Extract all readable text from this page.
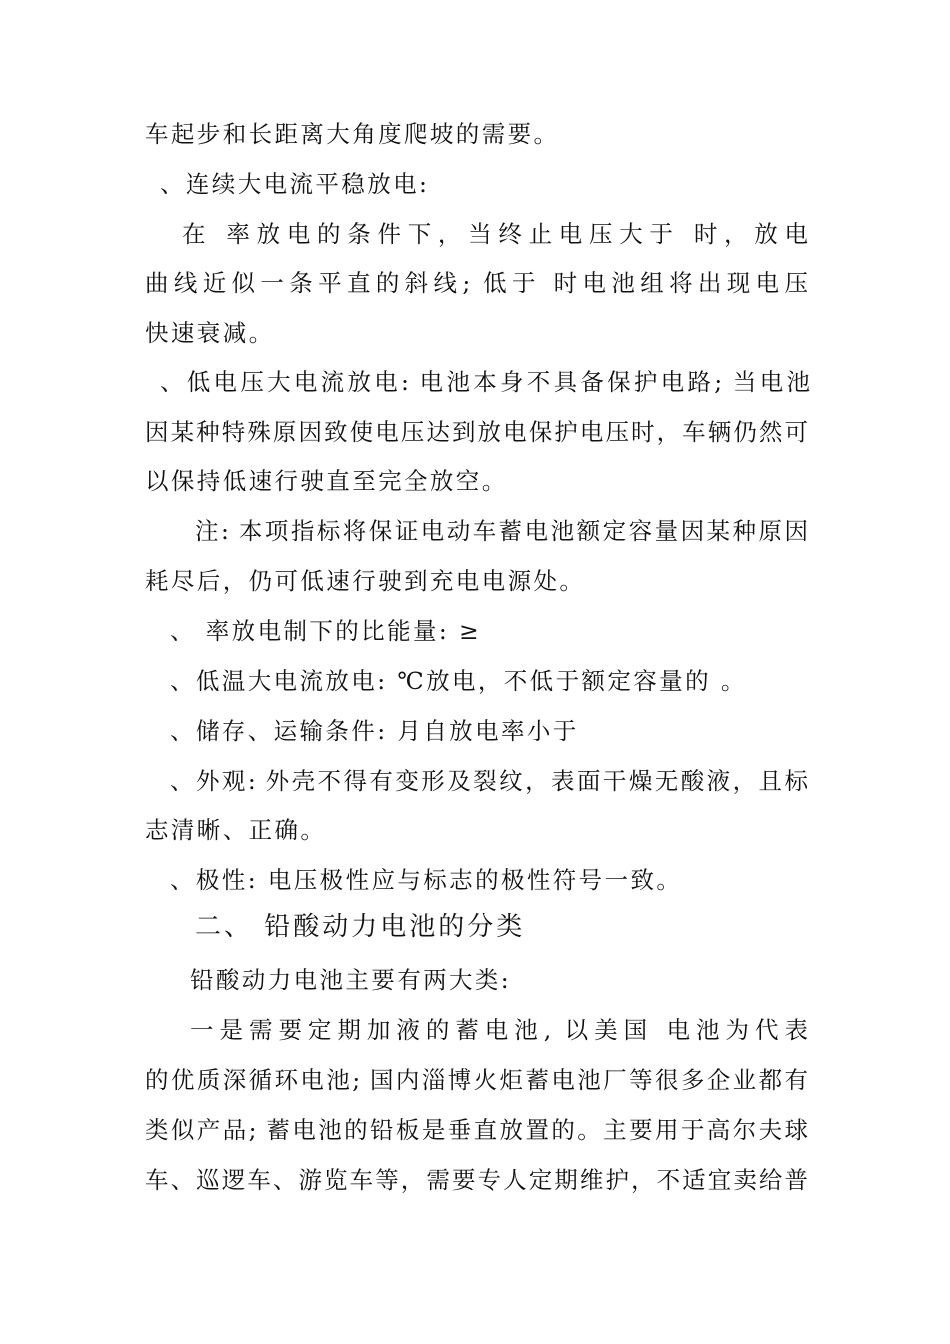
车起步和长距离大角度爬坡的需要。
、连续大电流平稳放电:
在 率放电的条件下，当终止电压大于 时，放电
曲线近似一条平直的斜线; 低于 时电池组将出现电压
快速衰减。
、低电压大电流放电: 电池本身不具备保护电路; 当电池
因某种特殊原因致使电压达到放电保护电压时，车辆仍然可
以保持低速行驶直至完全放空。
注: 本项指标将保证电动车蓄电池额定容量因某种原因
耗尽后，仍可低速行驶到充电电源处。
、 率放电制下的比能量: ≥
、低温大电流放电: ℃放电，不低于额定容量的 。
、储存、运输条件: 月自放电率小于
、外观: 外壳不得有变形及裂纹，表面干燥无酸液，且标
志清晰、正确。
、极性: 电压极性应与标志的极性符号一致。
二、 铅酸动力电池的分类
铅酸动力电池主要有两大类:
一是需要定期加液的蓄电池, 以美国 电池为代表
的优质深循环电池; 国内淄博火炬蓄电池厂等很多企业都有
类似产品; 蓄电池的铅板是垂直放置的。主要用于高尔夫球
车、巡逻车、游览车等，需要专人定期维护，不适宜卖给普
